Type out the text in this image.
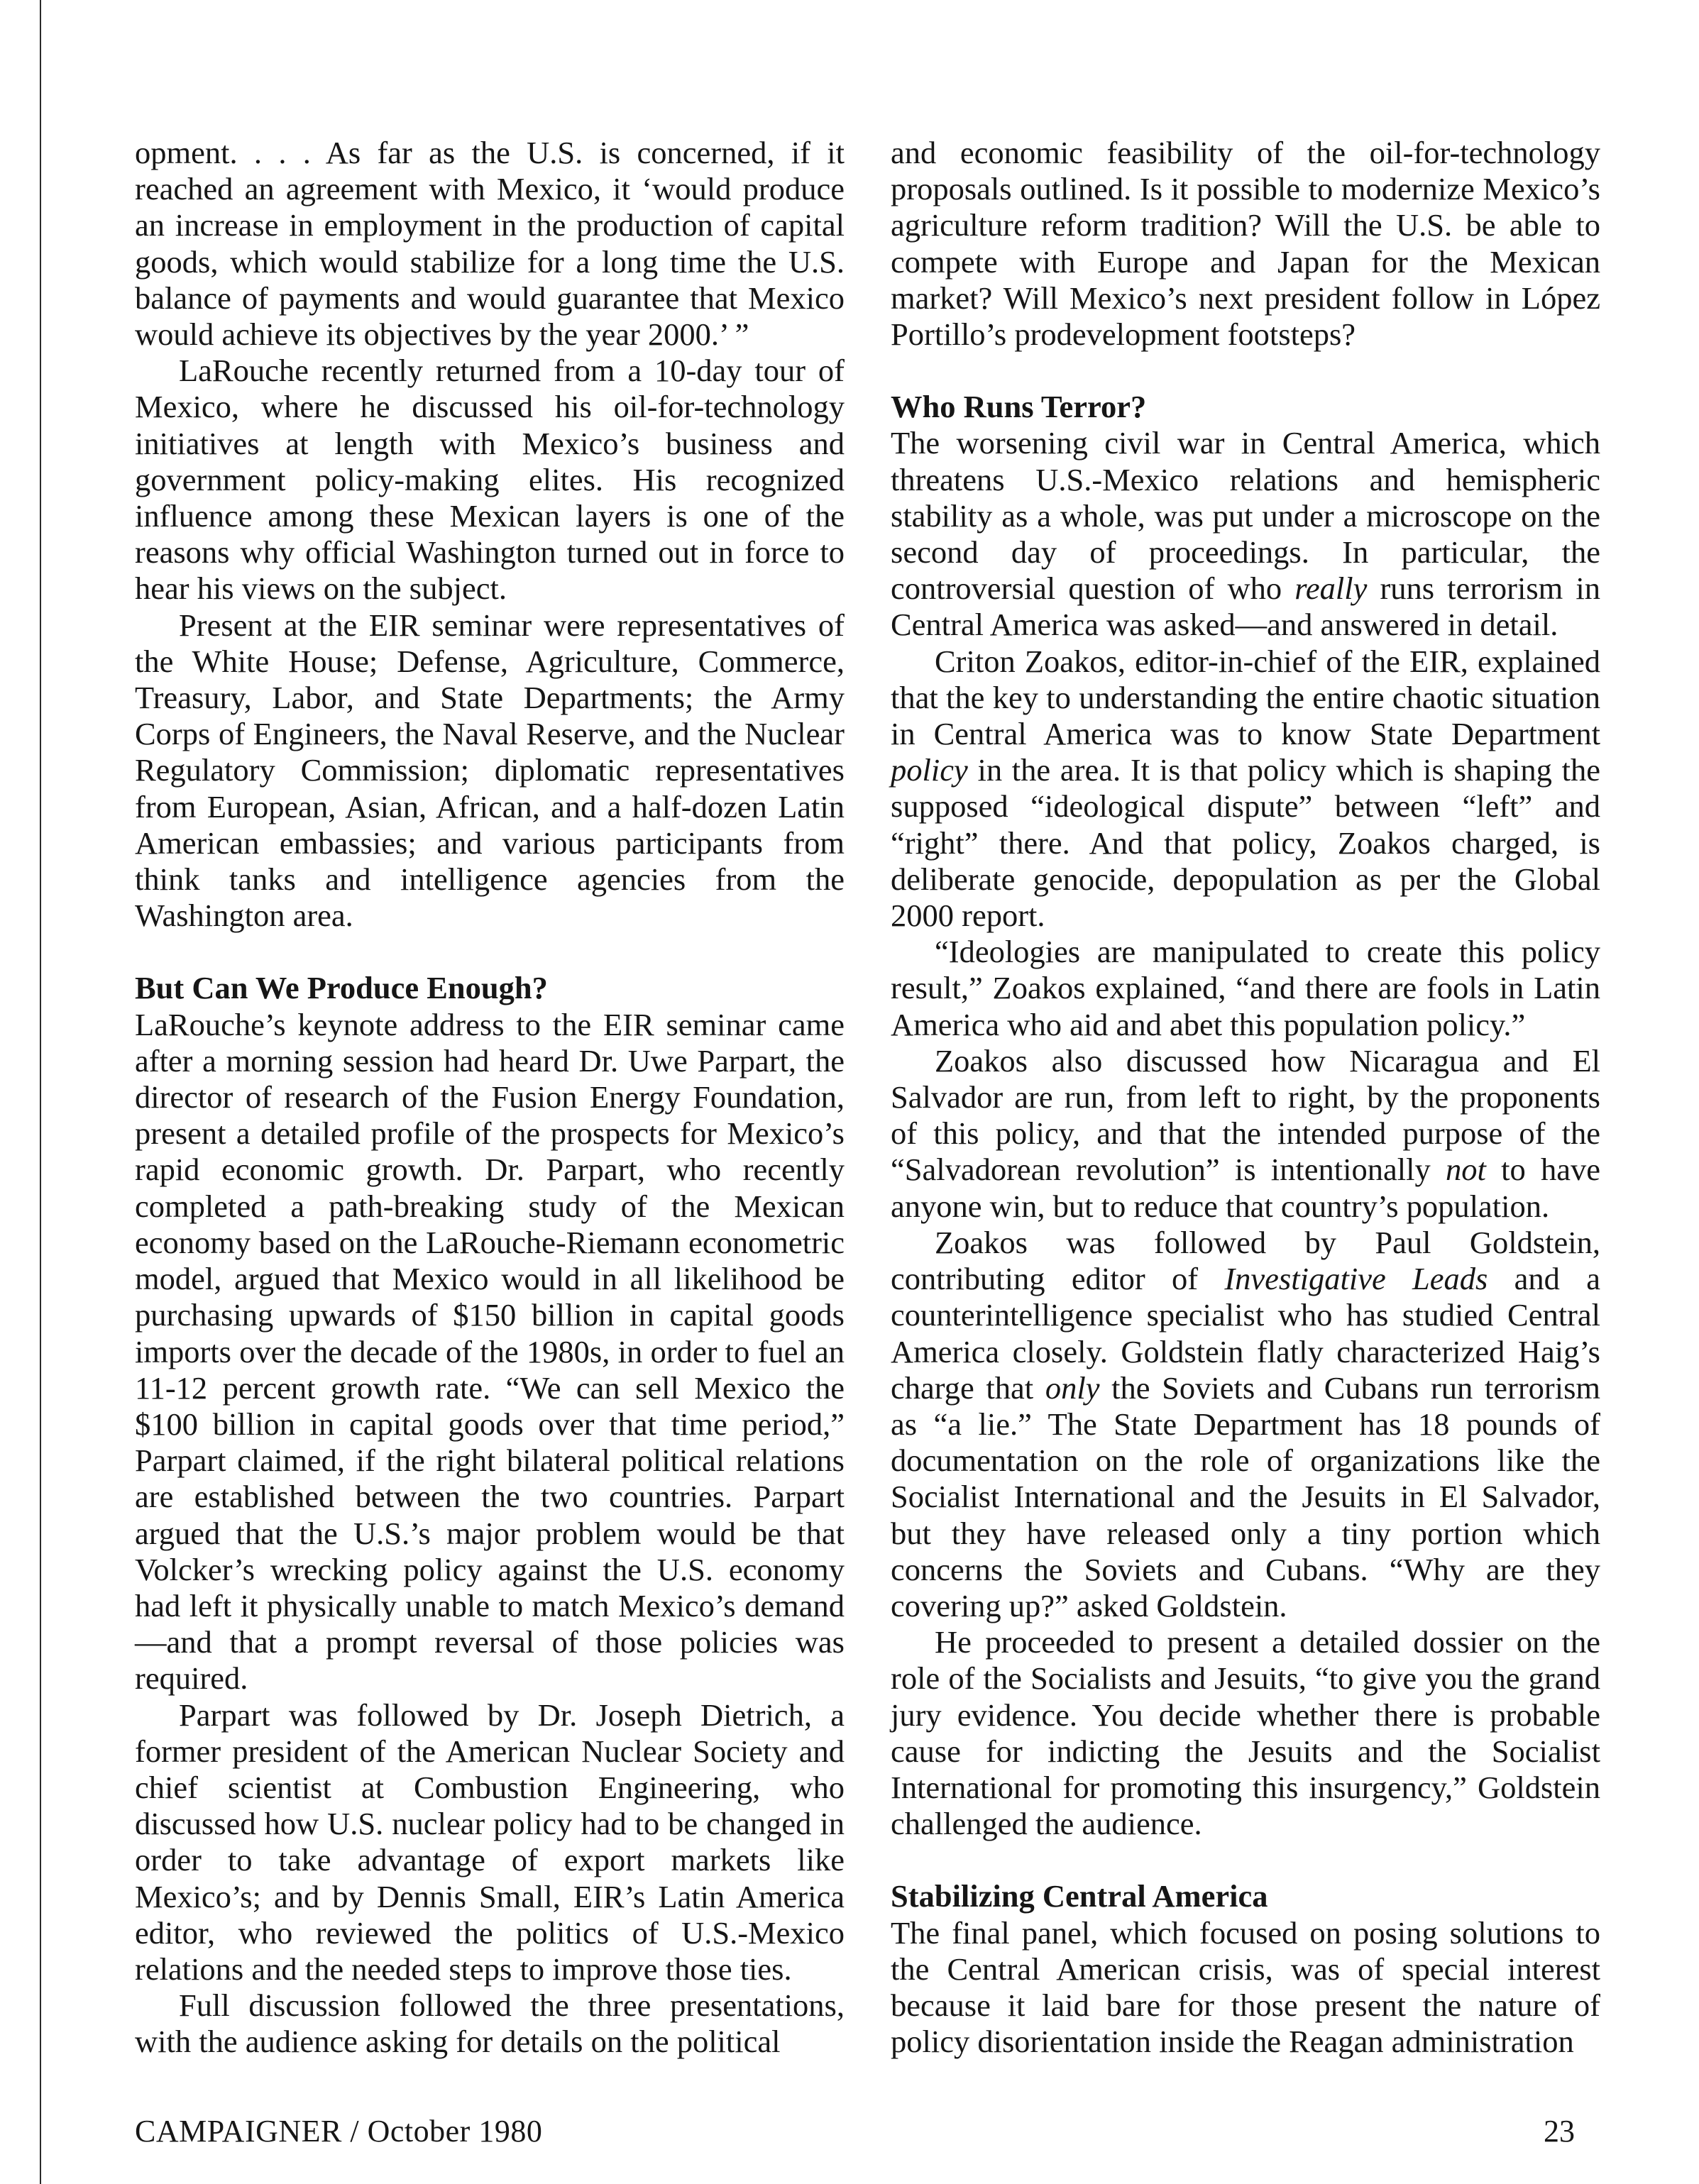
opment. . . . As far as the U.S. is concerned, if it reached an agreement with Mexico, it ‘would produce an increase in employment in the production of capital goods, which would stabilize for a long time the U.S. balance of payments and would guarantee that Mexico would achieve its objectives by the year 2000.’ ”

LaRouche recently returned from a 10-day tour of Mexico, where he discussed his oil-for-technology initiatives at length with Mexico’s business and government policy-making elites. His recognized influence among these Mexican layers is one of the reasons why official Washington turned out in force to hear his views on the subject.

Present at the EIR seminar were representatives of the White House; Defense, Agriculture, Commerce, Treasury, Labor, and State Departments; the Army Corps of Engineers, the Naval Reserve, and the Nuclear Regulatory Commission; diplomatic representatives from European, Asian, African, and a half-dozen Latin American embassies; and various participants from think tanks and intelligence agencies from the Washington area.

But Can We Produce Enough?

LaRouche’s keynote address to the EIR seminar came after a morning session had heard Dr. Uwe Parpart, the director of research of the Fusion Energy Foundation, present a detailed profile of the prospects for Mexico’s rapid economic growth. Dr. Parpart, who recently completed a path-breaking study of the Mexican economy based on the LaRouche-Riemann econometric model, argued that Mexico would in all likelihood be purchasing upwards of $150 billion in capital goods imports over the decade of the 1980s, in order to fuel an 11-12 percent growth rate. “We can sell Mexico the $100 billion in capital goods over that time period,” Parpart claimed, if the right bilateral political relations are established between the two countries. Parpart argued that the U.S.’s major problem would be that Volcker’s wrecking policy against the U.S. economy had left it physically unable to match Mexico’s demand—and that a prompt reversal of those policies was required.

Parpart was followed by Dr. Joseph Dietrich, a former president of the American Nuclear Society and chief scientist at Combustion Engineering, who discussed how U.S. nuclear policy had to be changed in order to take advantage of export markets like Mexico’s; and by Dennis Small, EIR’s Latin America editor, who reviewed the politics of U.S.-Mexico relations and the needed steps to improve those ties.

Full discussion followed the three presentations, with the audience asking for details on the political

and economic feasibility of the oil-for-technology proposals outlined. Is it possible to modernize Mexico’s agriculture reform tradition? Will the U.S. be able to compete with Europe and Japan for the Mexican market? Will Mexico’s next president follow in López Portillo’s prodevelopment footsteps?

Who Runs Terror?

The worsening civil war in Central America, which threatens U.S.-Mexico relations and hemispheric stability as a whole, was put under a microscope on the second day of proceedings. In particular, the controversial question of who really runs terrorism in Central America was asked—and answered in detail.

Criton Zoakos, editor-in-chief of the EIR, explained that the key to understanding the entire chaotic situation in Central America was to know State Department policy in the area. It is that policy which is shaping the supposed “ideological dispute” between “left” and “right” there. And that policy, Zoakos charged, is deliberate genocide, depopulation as per the Global 2000 report.

“Ideologies are manipulated to create this policy result,” Zoakos explained, “and there are fools in Latin America who aid and abet this population policy.”

Zoakos also discussed how Nicaragua and El Salvador are run, from left to right, by the proponents of this policy, and that the intended purpose of the “Salvadorean revolution” is intentionally not to have anyone win, but to reduce that country’s population.

Zoakos was followed by Paul Goldstein, contributing editor of Investigative Leads and a counterintelligence specialist who has studied Central America closely. Goldstein flatly characterized Haig’s charge that only the Soviets and Cubans run terrorism as “a lie.” The State Department has 18 pounds of documentation on the role of organizations like the Socialist International and the Jesuits in El Salvador, but they have released only a tiny portion which concerns the Soviets and Cubans. “Why are they covering up?” asked Goldstein.

He proceeded to present a detailed dossier on the role of the Socialists and Jesuits, “to give you the grand jury evidence. You decide whether there is probable cause for indicting the Jesuits and the Socialist International for promoting this insurgency,” Goldstein challenged the audience.

Stabilizing Central America

The final panel, which focused on posing solutions to the Central American crisis, was of special interest because it laid bare for those present the nature of policy disorientation inside the Reagan administration

CAMPAIGNER / October 1980	23
